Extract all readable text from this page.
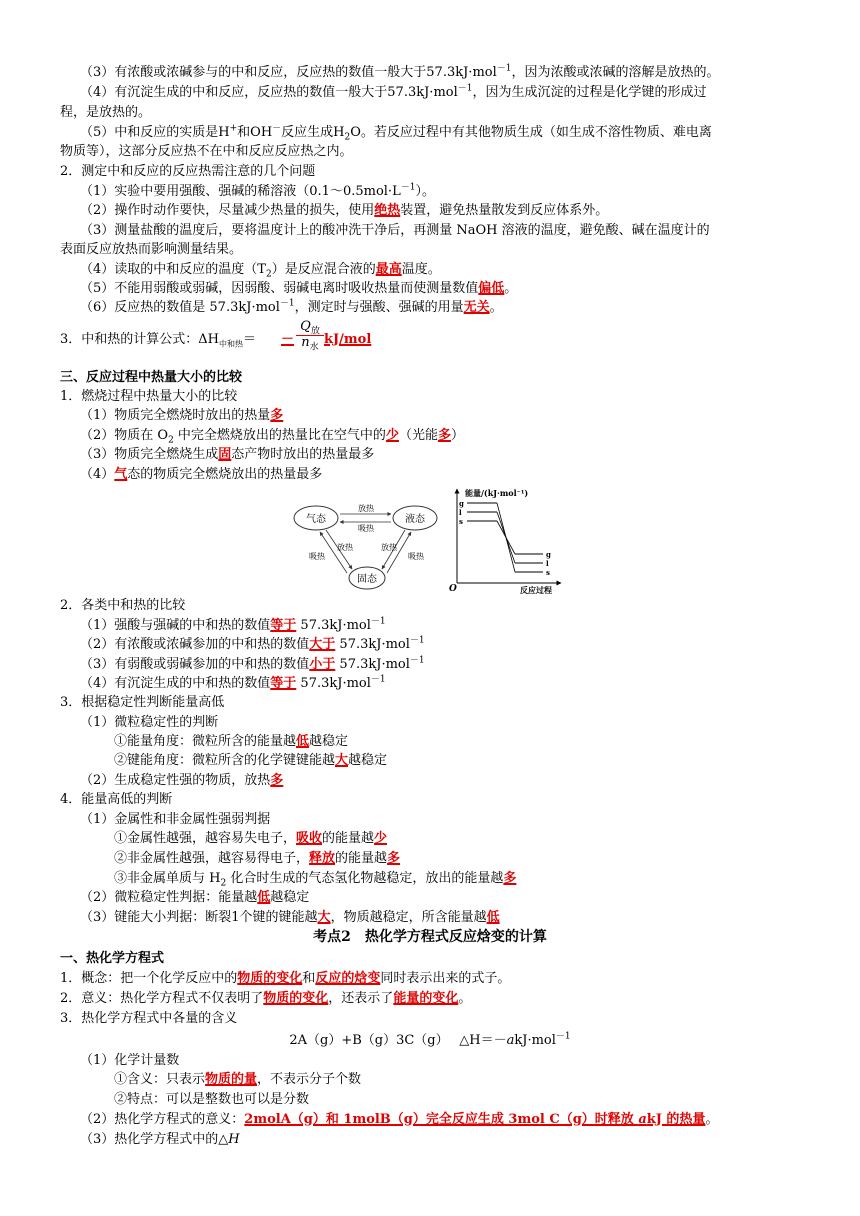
（3）有浓酸或浓碱参与的中和反应，反应热的数值一般大于57.3kJ·mol$^{-1}$，因为浓酸或浓碱的溶解是放热的。
（4）有沉淀生成的中和反应，反应热的数值一般大于57.3kJ·mol$^{-1}$，因为生成沉淀的过程是化学键的形成过
程，是放热的。
（5）中和反应的实质是H+和OH－反应生成$H_2O$。若反应过程中有其他物质生成（如生成不溶性物质、难电离
物质等），这部分反应热不在中和反应反应热之内。
2．测定中和反应的反应热需注意的几个问题
（1）实验中要用强酸、强碱的稀溶液$(0.1\sim 0.5mol\cdot L^{-1})$。
（2）操作时动作要快，尽量减少热量的损失，使用绝热装置，避免热量散发到反应体系外。
（3）测量盐酸的温度后，要将温度计上的酸冲洗干净后，再测量 NaOH 溶液的温度，避免酸、碱在温度计的
表面反应放热而影响测量结果。
（4）读取的中和反应的温度$(T_2)$是反应混合液的最高温度。
（5）不能用弱酸或弱碱，因弱酸、弱碱电离时吸收热量而使测量数值偏低。
（6）反应热的数值是 57.3kJ·mol$^{-1}$，测定时与强酸、强碱的用量无关。
3．中和热的计算公式：$\Delta H_{中和热}=$ －
$Q_放$
$n_水$
kJ/mol
三、反应过程中热量大小的比较
1．燃烧过程中热量大小的比较
（1）物质完全燃烧时放出的热量多
（2）物质在 $O_2$ 中完全燃烧放出的热量比在空气中的少（光能多）
（3）物质完全燃烧生成固态产物时放出的热量最多
（4）气态的物质完全燃烧放出的热量最多
气态	液态
固态
放热
吸热
放热
吸热
放热
吸热
能量/(kJ·mol⁻¹)
反应过程
O
g
l
s
g
l
s
2．各类中和热的比较
（1）强酸与强碱的中和热的数值等于 57.3kJ·mol$^{-1}$
（2）有浓酸或浓碱参加的中和热的数值大于 57.3kJ·mol$^{-1}$
（3）有弱酸或弱碱参加的中和热的数值小于 57.3kJ·mol$^{-1}$
（4）有沉淀生成的中和热的数值等于 57.3kJ·mol$^{-1}$
3．根据稳定性判断能量高低
（1）微粒稳定性的判断
①能量角度：微粒所含的能量越低越稳定
②键能角度：微粒所含的化学键键能越大越稳定
（2）生成稳定性强的物质，放热多
4．能量高低的判断
（1）金属性和非金属性强弱判据
①金属性越强，越容易失电子，吸收的能量越少
②非金属性越强，越容易得电子，释放的能量越多
③非金属单质与 $H_2$ 化合时生成的气态氢化物越稳定，放出的能量越多
（2）微粒稳定性判据：能量越低越稳定
（3）键能大小判据：断裂1个键的键能越大，物质越稳定，所含能量越低
考点2　热化学方程式反应焓变的计算
一、热化学方程式
1．概念：把一个化学反应中的物质的变化和反应的焓变同时表示出来的式子。
2．意义：热化学方程式不仅表明了物质的变化，还表示了能量的变化。
3．热化学方程式中各量的含义
2A（g）+B（g）3C（g）　 △H＝－akJ·mol$^{-1}$
（1）化学计量数
①含义：只表示物质的量，不表示分子个数
②特点：可以是整数也可以是分数
（2）热化学方程式的意义：2molA（g）和 1molB（g）完全反应生成 3mol C（g）时释放 akJ 的热量。
（3）热化学方程式中的△H
